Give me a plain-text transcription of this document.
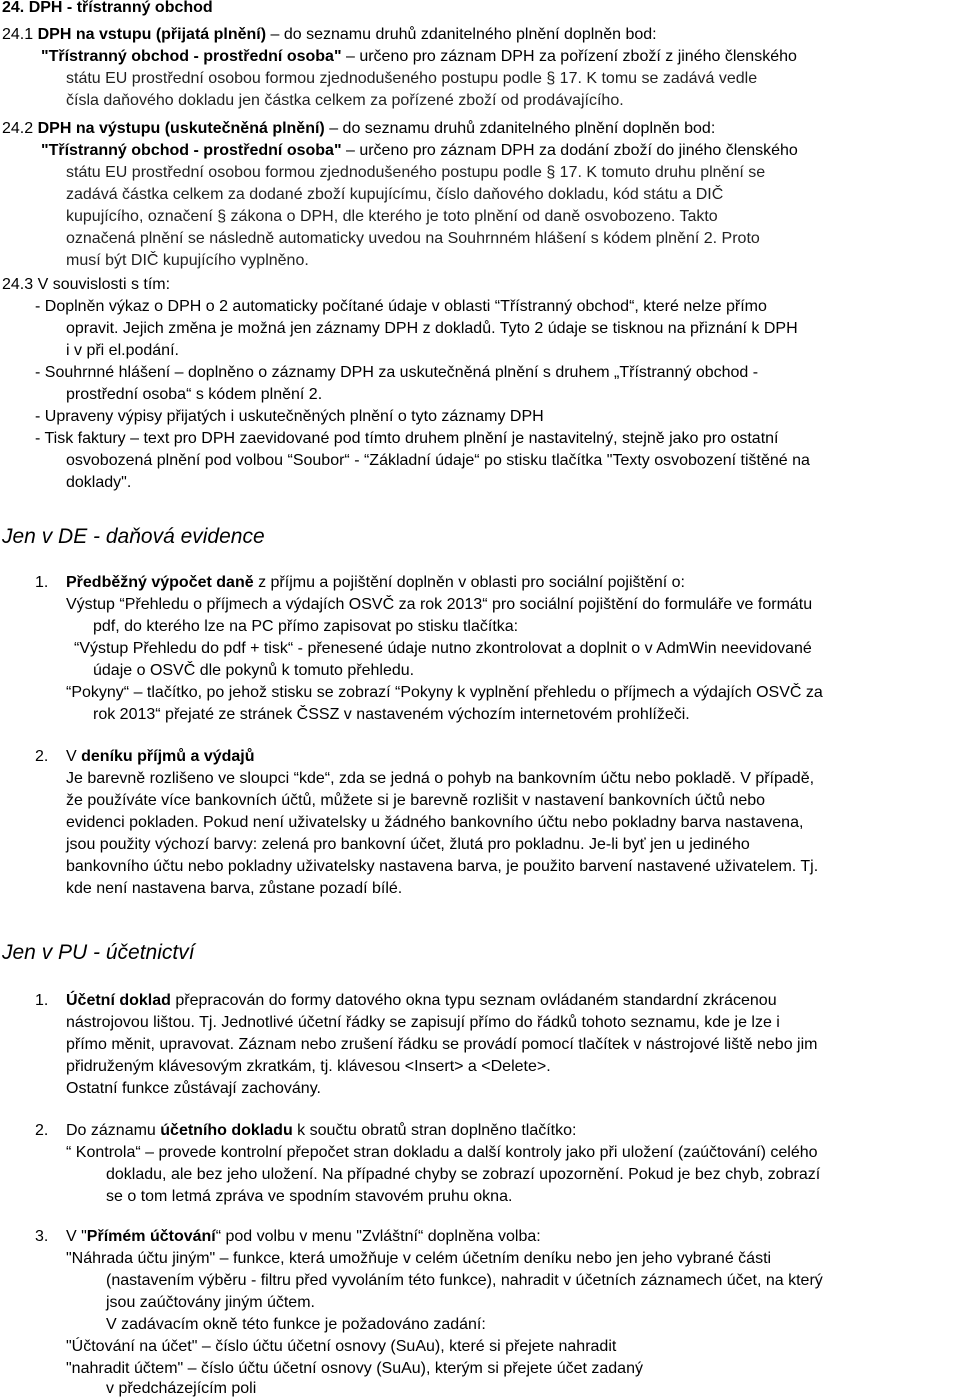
24. DPH - třístranný obchod
24.1 DPH na vstupu (přijatá plnění) – do seznamu druhů zdanitelného plnění doplněn bod:
"Třístranný obchod - prostřední osoba" – určeno pro záznam DPH za pořízení zboží z jiného členského
státu EU prostřední osobou formou zjednodušeného postupu podle § 17. K tomu se zadává vedle
čísla daňového dokladu jen částka celkem za pořízené zboží od prodávajícího.
24.2 DPH na výstupu (uskutečněná plnění) – do seznamu druhů zdanitelného plnění doplněn bod:
"Třístranný obchod - prostřední osoba" – určeno pro záznam DPH za dodání zboží do jiného členského
státu EU prostřední osobou formou zjednodušeného postupu podle § 17. K tomuto druhu plnění se
zadává částka celkem za dodané zboží kupujícímu, číslo daňového dokladu, kód státu a DIČ
kupujícího, označení § zákona o DPH, dle kterého je toto plnění od daně osvobozeno. Takto
označená plnění se následně automaticky uvedou na Souhrnném hlášení s kódem plnění 2. Proto
musí být DIČ kupujícího vyplněno.
24.3 V souvislosti s tím:
- Doplněn výkaz o DPH o 2 automaticky počítané údaje v oblasti “Třístranný obchod“, které nelze přímo
opravit. Jejich změna je možná jen záznamy DPH z dokladů. Tyto 2 údaje se tisknou na přiznání k DPH
i v při el.podání.
- Souhrnné hlášení – doplněno o záznamy DPH za uskutečněná plnění s druhem „Třístranný obchod -
prostřední osoba“ s kódem plnění 2.
- Upraveny výpisy přijatých i uskutečněných plnění o tyto záznamy DPH
- Tisk faktury – text pro DPH zaevidované pod tímto druhem plnění je nastavitelný, stejně jako pro ostatní
osvobozená plnění pod volbou “Soubor“ - “Základní údaje“ po stisku tlačítka "Texty osvobození tištěné na
doklady".
Jen v DE - daňová evidence
1. Předběžný výpočet daně z příjmu a pojištění doplněn v oblasti pro sociální pojištění o:
Výstup “Přehledu o příjmech a výdajích OSVČ za rok 2013“ pro sociální pojištění do formuláře ve formátu
pdf, do kterého lze na PC přímo zapisovat po stisku tlačítka:
“Výstup Přehledu do pdf + tisk“ - přenesené údaje nutno zkontrolovat a doplnit o v AdmWin neevidované
údaje o OSVČ dle pokynů k tomuto přehledu.
“Pokyny“ – tlačítko, po jehož stisku se zobrazí “Pokyny k vyplnění přehledu o příjmech a výdajích OSVČ za
rok 2013“ přejaté ze stránek ČSSZ v nastaveném výchozím internetovém prohlížeči.
2. V deníku příjmů a výdajů
Je barevně rozlišeno ve sloupci “kde“, zda se jedná o pohyb na bankovním účtu nebo pokladě. V případě,
že používáte více bankovních účtů, můžete si je barevně rozlišit v nastavení bankovních účtů nebo
evidenci pokladen. Pokud není uživatelsky u žádného bankovního účtu nebo pokladny barva nastavena,
jsou použity výchozí barvy: zelená pro bankovní účet, žlutá pro pokladnu. Je-li byť jen u jediného
bankovního účtu nebo pokladny uživatelsky nastavena barva, je použito barvení nastavené uživatelem. Tj.
kde není nastavena barva, zůstane pozadí bílé.
Jen v PU - účetnictví
1. Účetní doklad přepracován do formy datového okna typu seznam ovládaném standardní zkrácenou
nástrojovou lištou. Tj. Jednotlivé účetní řádky se zapisují přímo do řádků tohoto seznamu, kde je lze i
přímo měnit, upravovat. Záznam nebo zrušení řádku se provádí pomocí tlačítek v nástrojové liště nebo jim
přidruženým klávesovým zkratkám, tj. klávesou <Insert> a <Delete>.
Ostatní funkce zůstávají zachovány.
2. Do záznamu účetního dokladu k součtu obratů stran doplněno tlačítko:
“ Kontrola“ – provede kontrolní přepočet stran dokladu a další kontroly jako při uložení (zaúčtování) celého
dokladu, ale bez jeho uložení. Na případné chyby se zobrazí upozornění. Pokud je bez chyb, zobrazí
se o tom letmá zpráva ve spodním stavovém pruhu okna.
3. V "Přímém účtování“ pod volbu v menu "Zvláštní“ doplněna volba:
"Náhrada účtu jiným" – funkce, která umožňuje v celém účetním deníku nebo jen jeho vybrané části
(nastavením výběru - filtru před vyvoláním této funkce), nahradit v účetních záznamech účet, na který
jsou zaúčtovány jiným účtem.
V zadávacím okně této funkce je požadováno zadání:
"Účtování na účet" – číslo účtu účetní osnovy (SuAu), které si přejete nahradit
"nahradit účtem" – číslo účtu účetní osnovy (SuAu), kterým si přejete účet zadaný
v předcházejícím poli
